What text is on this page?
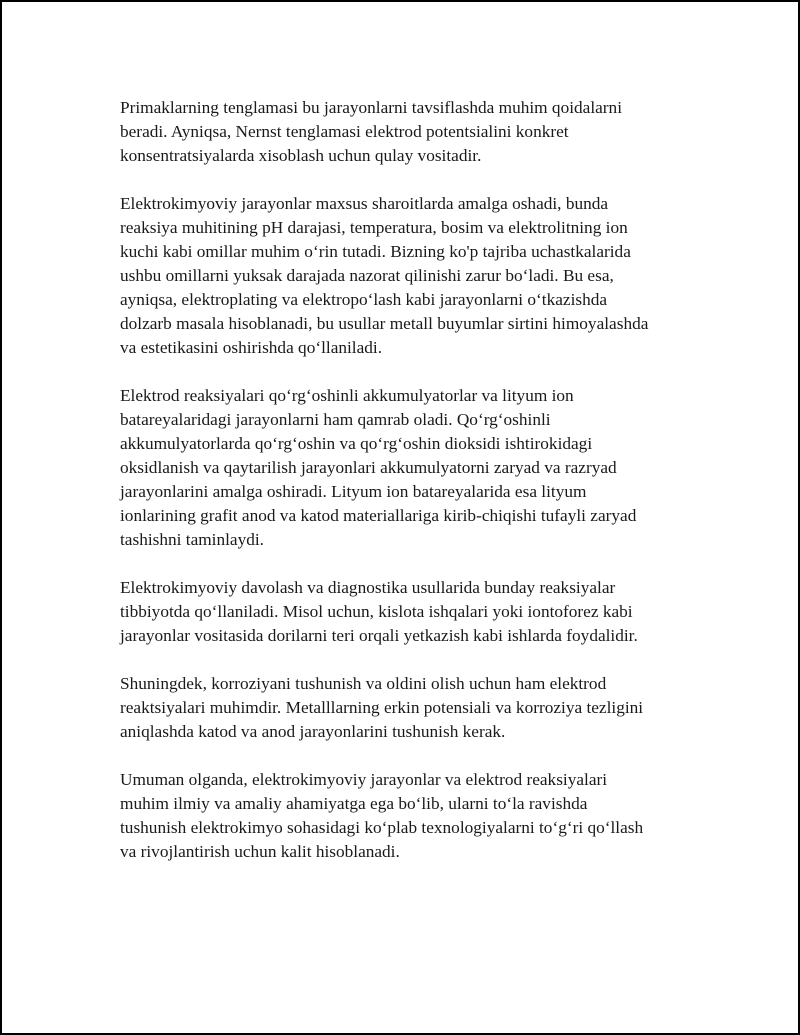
Primaklarning tenglamasi bu jarayonlarni tavsiflashda muhim qoidalarni
beradi. Ayniqsa, Nernst tenglamasi elektrod potentsialini konkret
konsentratsiyalarda xisoblash uchun qulay vositadir.

Elektrokimyoviy jarayonlar maxsus sharoitlarda amalga oshadi, bunda
reaksiya muhitining pH darajasi, temperatura, bosim va elektrolitning ion
kuchi kabi omillar muhim oʻrin tutadi. Bizning ko'p tajriba uchastkalarida
ushbu omillarni yuksak darajada nazorat qilinishi zarur boʻladi. Bu esa,
ayniqsa, elektroplating va elektropoʻlash kabi jarayonlarni oʻtkazishda
dolzarb masala hisoblanadi, bu usullar metall buyumlar sirtini himoyalashda
va estetikasini oshirishda qoʻllaniladi.

Elektrod reaksiyalari qoʻrgʻoshinli akkumulyatorlar va lityum ion
batareyalaridagi jarayonlarni ham qamrab oladi. Qoʻrgʻoshinli
akkumulyatorlarda qoʻrgʻoshin va qoʻrgʻoshin dioksidi ishtirokidagi
oksidlanish va qaytarilish jarayonlari akkumulyatorni zaryad va razryad
jarayonlarini amalga oshiradi. Lityum ion batareyalarida esa lityum
ionlarining grafit anod va katod materiallariga kirib-chiqishi tufayli zaryad
tashishni taminlaydi.

Elektrokimyoviy davolash va diagnostika usullarida bunday reaksiyalar
tibbiyotda qoʻllaniladi. Misol uchun, kislota ishqalari yoki iontoforez kabi
jarayonlar vositasida dorilarni teri orqali yetkazish kabi ishlarda foydalidir.

Shuningdek, korroziyani tushunish va oldini olish uchun ham elektrod
reaktsiyalari muhimdir. Metalllarning erkin potensiali va korroziya tezligini
aniqlashda katod va anod jarayonlarini tushunish kerak.

Umuman olganda, elektrokimyoviy jarayonlar va elektrod reaksiyalari
muhim ilmiy va amaliy ahamiyatga ega boʻlib, ularni toʻla ravishda
tushunish elektrokimyo sohasidagi koʻplab texnologiyalarni toʻgʻri qoʻllash
va rivojlantirish uchun kalit hisoblanadi.
